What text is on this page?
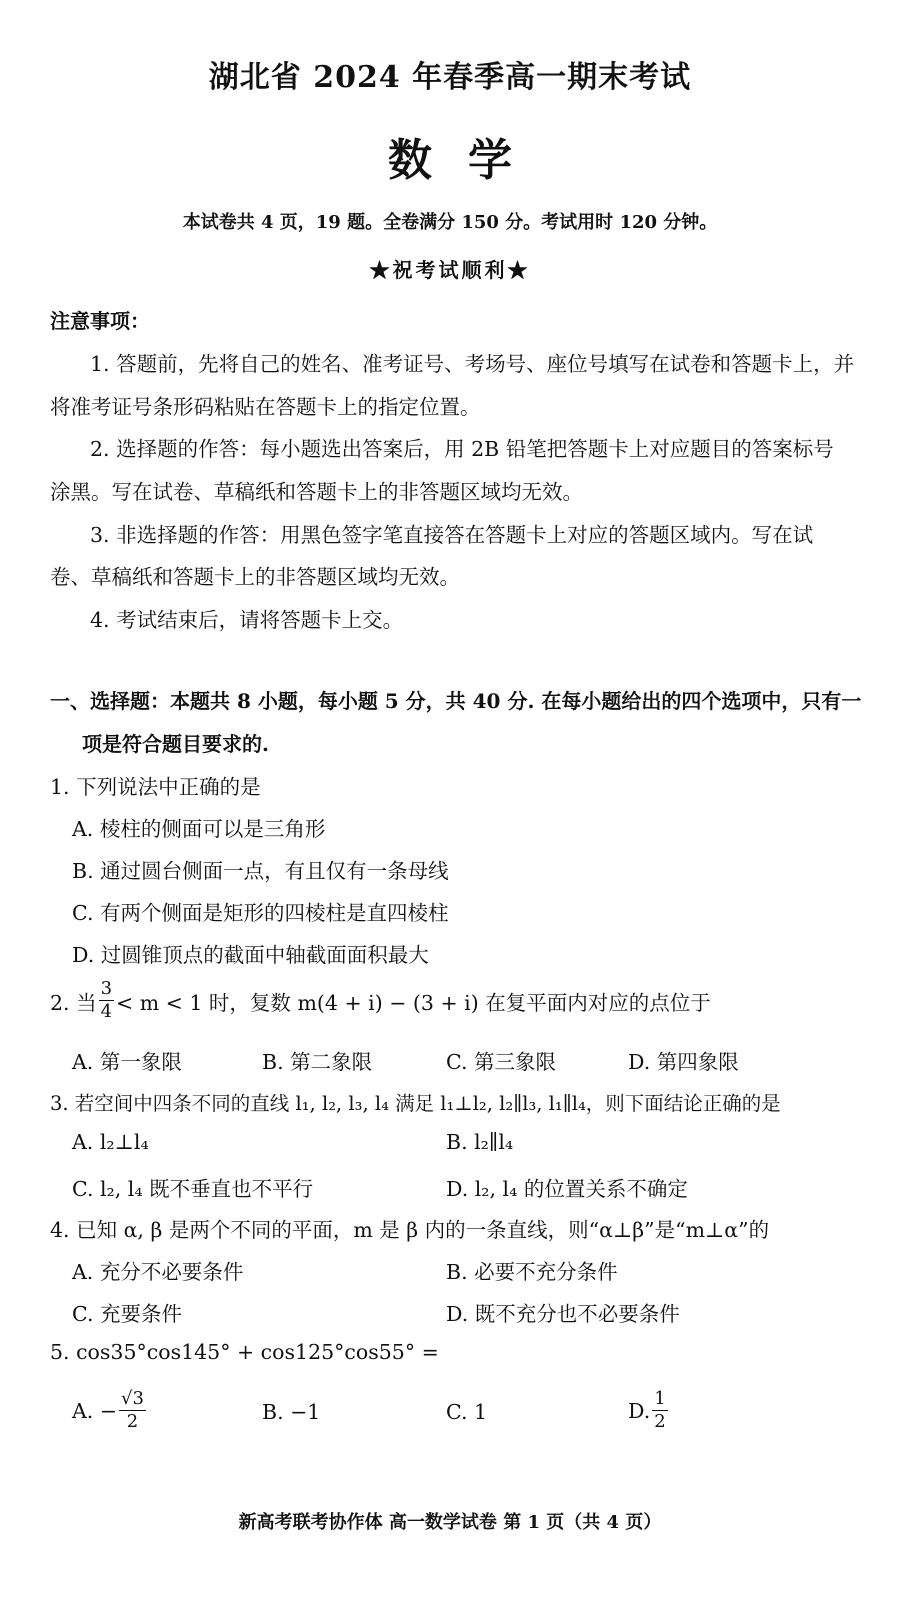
湖北省 2024 年春季高一期末考试
数学
本试卷共 4 页，19 题。全卷满分 150 分。考试用时 120 分钟。
★祝考试顺利★
注意事项：
1. 答题前，先将自己的姓名、准考证号、考场号、座位号填写在试卷和答题卡上，并
将准考证号条形码粘贴在答题卡上的指定位置。
2. 选择题的作答：每小题选出答案后，用 2B 铅笔把答题卡上对应题目的答案标号
涂黑。写在试卷、草稿纸和答题卡上的非答题区域均无效。
3. 非选择题的作答：用黑色签字笔直接答在答题卡上对应的答题区域内。写在试
卷、草稿纸和答题卡上的非答题区域均无效。
4. 考试结束后，请将答题卡上交。
一、选择题：本题共 8 小题，每小题 5 分，共 40 分. 在每小题给出的四个选项中，只有一
项是符合题目要求的.
1. 下列说法中正确的是
A. 棱柱的侧面可以是三角形
B. 通过圆台侧面一点，有且仅有一条母线
C. 有两个侧面是矩形的四棱柱是直四棱柱
D. 过圆锥顶点的截面中轴截面面积最大
2. 当 $\frac{3}{4} < m < 1$ 时，复数 m(4 + i) − (3 + i) 在复平面内对应的点位于
A. 第一象限	B. 第二象限	C. 第三象限	D. 第四象限
3. 若空间中四条不同的直线 l₁, l₂, l₃, l₄ 满足 l₁⊥l₂, l₂∥l₃, l₁∥l₄，则下面结论正确的是
A. l₂⊥l₄	B. l₂∥l₄
C. l₂, l₄ 既不垂直也不平行	D. l₂, l₄ 的位置关系不确定
4. 已知 α, β 是两个不同的平面，m 是 β 内的一条直线，则“α⊥β”是“m⊥α”的
A. 充分不必要条件	B. 必要不充分条件
C. 充要条件	D. 既不充分也不必要条件
5. cos35°cos145° + cos125°cos55° =
A. − $\frac{√3}{2}$	B. −1	C. 1	D. $\frac{1}{2}$
新高考联考协作体 高一数学试卷 第 1 页（共 4 页）
